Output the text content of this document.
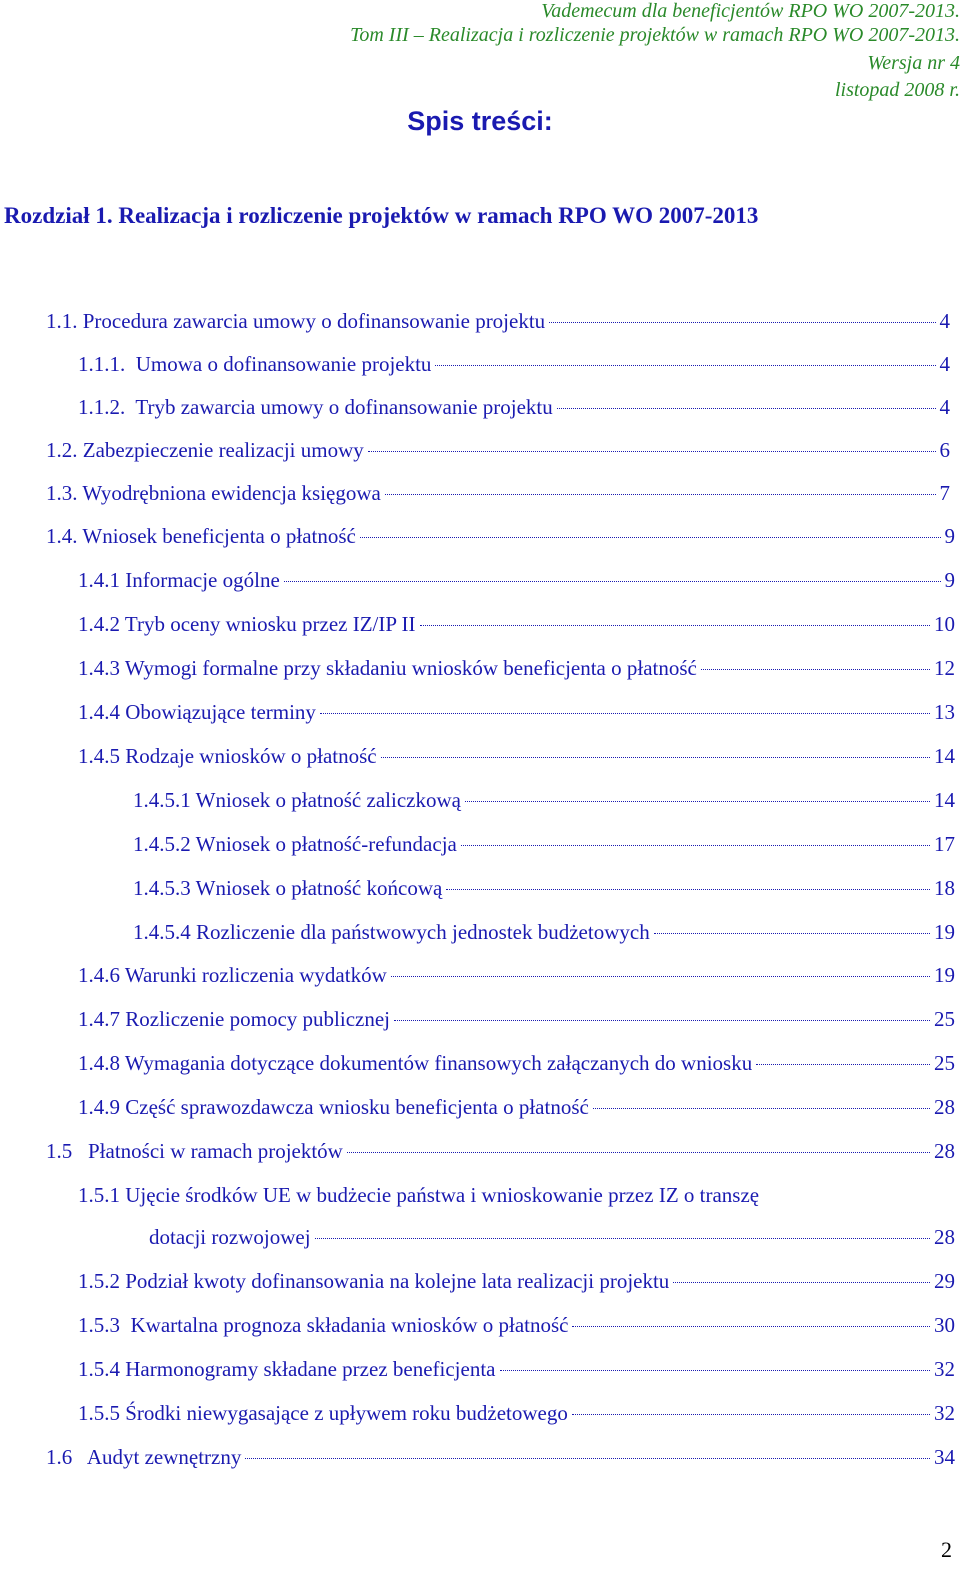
Vademecum dla beneficjentów RPO WO 2007-2013.
Tom III – Realizacja i rozliczenie projektów w ramach RPO WO 2007-2013.
Wersja nr 4
listopad 2008 r.
Spis treści:
Rozdział 1. Realizacja i rozliczenie projektów w ramach RPO WO 2007-2013
1.1. Procedura zawarcia umowy o dofinansowanie projektu	4
1.1.1. Umowa o dofinansowanie projektu	4
1.1.2. Tryb zawarcia umowy o dofinansowanie projektu	4
1.2. Zabezpieczenie realizacji umowy	6
1.3. Wyodrębniona ewidencja księgowa	7
1.4. Wniosek beneficjenta o płatność	9
1.4.1 Informacje ogólne	9
1.4.2 Tryb oceny wniosku przez IZ/IP II	10
1.4.3 Wymogi formalne przy składaniu wniosków beneficjenta o płatność	12
1.4.4 Obowiązujące terminy	13
1.4.5 Rodzaje wniosków o płatność	14
1.4.5.1 Wniosek o płatność zaliczkową	14
1.4.5.2 Wniosek o płatność-refundacja	17
1.4.5.3 Wniosek o płatność końcową	18
1.4.5.4 Rozliczenie dla państwowych jednostek budżetowych	19
1.4.6 Warunki rozliczenia wydatków	19
1.4.7 Rozliczenie pomocy publicznej	25
1.4.8 Wymagania dotyczące dokumentów finansowych załączanych do wniosku	25
1.4.9 Część sprawozdawcza wniosku beneficjenta o płatność	28
1.5 Płatności w ramach projektów	28
1.5.1 Ujęcie środków UE w budżecie państwa i wnioskowanie przez IZ o transzę
dotacji rozwojowej	28
1.5.2 Podział kwoty dofinansowania na kolejne lata realizacji projektu	29
1.5.3 Kwartalna prognoza składania wniosków o płatność	30
1.5.4 Harmonogramy składane przez beneficjenta	32
1.5.5 Środki niewygasające z upływem roku budżetowego	32
1.6 Audyt zewnętrzny	34
2
